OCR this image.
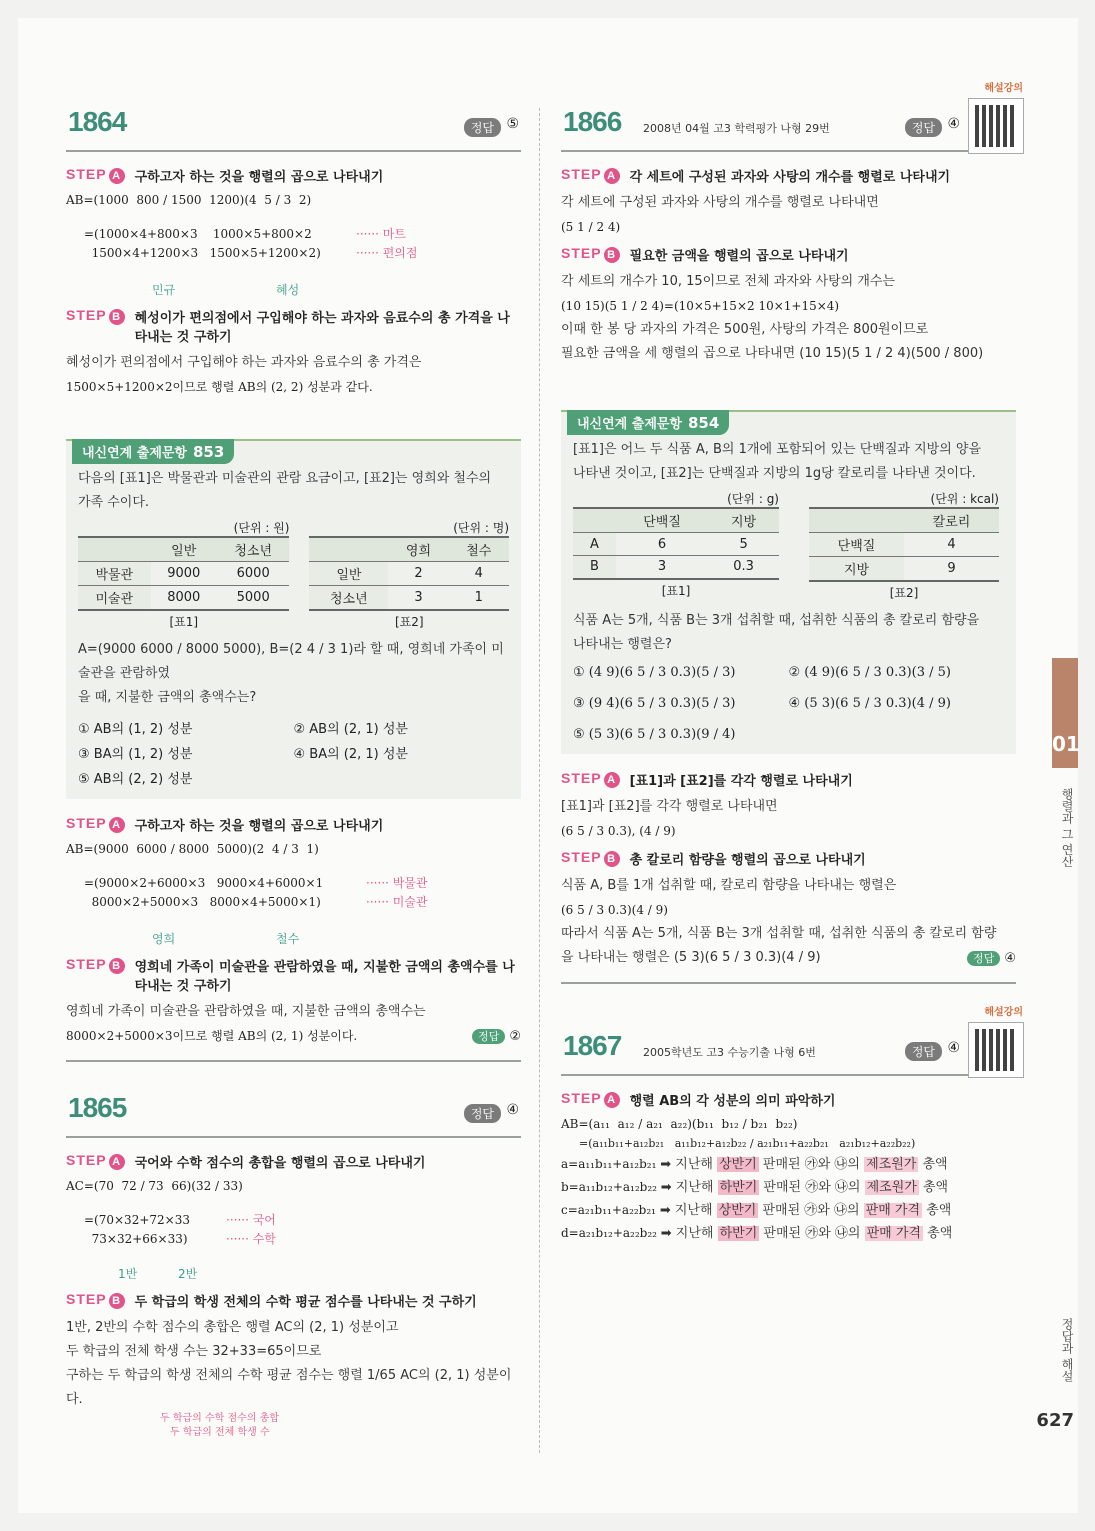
1864	정답 ⑤
STEP A 구하고자 하는 것을 행렬의 곱으로 나타내기
AB=(1000  800 / 1500  1200)(4  5 / 3  2)
=(1000×4+800×3    1000×5+800×2
1500×4+1200×3   1500×5+1200×2)
······ 마트
······ 편의점
민규	혜성
STEP B 혜성이가 편의점에서 구입해야 하는 과자와 음료수의 총 가격을 나타내는 것 구하기
혜성이가 편의점에서 구입해야 하는 과자와 음료수의 총 가격은
1500×5+1200×2이므로 행렬 AB의 (2, 2) 성분과 같다.
내신연계 출제문항 853
다음의 [표1]은 박물관과 미술관의 관람 요금이고, [표2]는 영희와 철수의
가족 수이다.
(단위 : 원)
	일반	청소년
박물관	9000	6000
미술관	8000	5000
[표1]
(단위 : 명)
	영희	철수
일반	2	4
청소년	3	1
[표2]
A=(9000 6000 / 8000 5000), B=(2 4 / 3 1)라 할 때, 영희네 가족이 미술관을 관람하였
을 때, 지불한 금액의 총액수는?
① AB의 (1, 2) 성분	② AB의 (2, 1) 성분
③ BA의 (1, 2) 성분	④ BA의 (2, 1) 성분
⑤ AB의 (2, 2) 성분
STEP A 구하고자 하는 것을 행렬의 곱으로 나타내기
AB=(9000  6000 / 8000  5000)(2  4 / 3  1)
=(9000×2+6000×3   9000×4+6000×1
8000×2+5000×3   8000×4+5000×1)
······ 박물관
······ 미술관
영희	철수
STEP B 영희네 가족이 미술관을 관람하였을 때, 지불한 금액의 총액수를 나타내는 것 구하기
영희네 가족이 미술관을 관람하였을 때, 지불한 금액의 총액수는
8000×2+5000×3이므로 행렬 AB의 (2, 1) 성분이다.	정답 ②
1865	정답 ④
STEP A 국어와 수학 점수의 총합을 행렬의 곱으로 나타내기
AC=(70  72 / 73  66)(32 / 33)
=(70×32+72×33
73×32+66×33)
······ 국어
······ 수학
1반	2반
STEP B 두 학급의 학생 전체의 수학 평균 점수를 나타내는 것 구하기
1반, 2반의 수학 점수의 총합은 행렬 AC의 (2, 1) 성분이고
두 학급의 전체 학생 수는 32+33=65이므로
구하는 두 학급의 학생 전체의 수학 평균 점수는 행렬 1/65 AC의 (2, 1) 성분이다.
두 학급의 수학 점수의 총합
두 학급의 전체 학생 수
1866 2008년 04월 고3 학력평가 나형 29번	정답 ④
해설강의
STEP A 각 세트에 구성된 과자와 사탕의 개수를 행렬로 나타내기
각 세트에 구성된 과자와 사탕의 개수를 행렬로 나타내면
(5 1 / 2 4)
STEP B 필요한 금액을 행렬의 곱으로 나타내기
각 세트의 개수가 10, 15이므로 전체 과자와 사탕의 개수는
(10 15)(5 1 / 2 4)=(10×5+15×2 10×1+15×4)
이때 한 봉 당 과자의 가격은 500원, 사탕의 가격은 800원이므로
필요한 금액을 세 행렬의 곱으로 나타내면 (10 15)(5 1 / 2 4)(500 / 800)
내신연계 출제문항 854
[표1]은 어느 두 식품 A, B의 1개에 포함되어 있는 단백질과 지방의 양을
나타낸 것이고, [표2]는 단백질과 지방의 1g당 칼로리를 나타낸 것이다.
(단위 : g)
	단백질	지방
A	6	5
B	3	0.3
[표1]
(단위 : kcal)
	칼로리
단백질	4
지방	9
[표2]
식품 A는 5개, 식품 B는 3개 섭취할 때, 섭취한 식품의 총 칼로리 함량을
나타내는 행렬은?
① (4 9)(6 5 / 3 0.3)(5 / 3)	② (4 9)(6 5 / 3 0.3)(3 / 5)
③ (9 4)(6 5 / 3 0.3)(5 / 3)	④ (5 3)(6 5 / 3 0.3)(4 / 9)
⑤ (5 3)(6 5 / 3 0.3)(9 / 4)
STEP A [표1]과 [표2]를 각각 행렬로 나타내기
[표1]과 [표2]를 각각 행렬로 나타내면
(6 5 / 3 0.3), (4 / 9)
STEP B 총 칼로리 함량을 행렬의 곱으로 나타내기
식품 A, B를 1개 섭취할 때, 칼로리 함량을 나타내는 행렬은
(6 5 / 3 0.3)(4 / 9)
따라서 식품 A는 5개, 식품 B는 3개 섭취할 때, 섭취한 식품의 총 칼로리 함량
을 나타내는 행렬은 (5 3)(6 5 / 3 0.3)(4 / 9)	정답 ④
1867 2005학년도 고3 수능기출 나형 6번	정답 ④
해설강의
STEP A 행렬 AB의 각 성분의 의미 파악하기
AB=(a₁₁  a₁₂ / a₂₁  a₂₂)(b₁₁  b₁₂ / b₂₁  b₂₂)
=(a₁₁b₁₁+a₁₂b₂₁   a₁₁b₁₂+a₁₂b₂₂ / a₂₁b₁₁+a₂₂b₂₁   a₂₁b₁₂+a₂₂b₂₂)
a=a₁₁b₁₁+a₁₂b₂₁ ➡ 지난해 상반기 판매된 ㉮와 ㉯의 제조원가 총액
b=a₁₁b₁₂+a₁₂b₂₂ ➡ 지난해 하반기 판매된 ㉮와 ㉯의 제조원가 총액
c=a₂₁b₁₁+a₂₂b₂₁ ➡ 지난해 상반기 판매된 ㉮와 ㉯의 판매 가격 총액
d=a₂₁b₁₂+a₂₂b₂₂ ➡ 지난해 하반기 판매된 ㉮와 ㉯의 판매 가격 총액
01
행렬과 그 연산
정답과 해설
627
